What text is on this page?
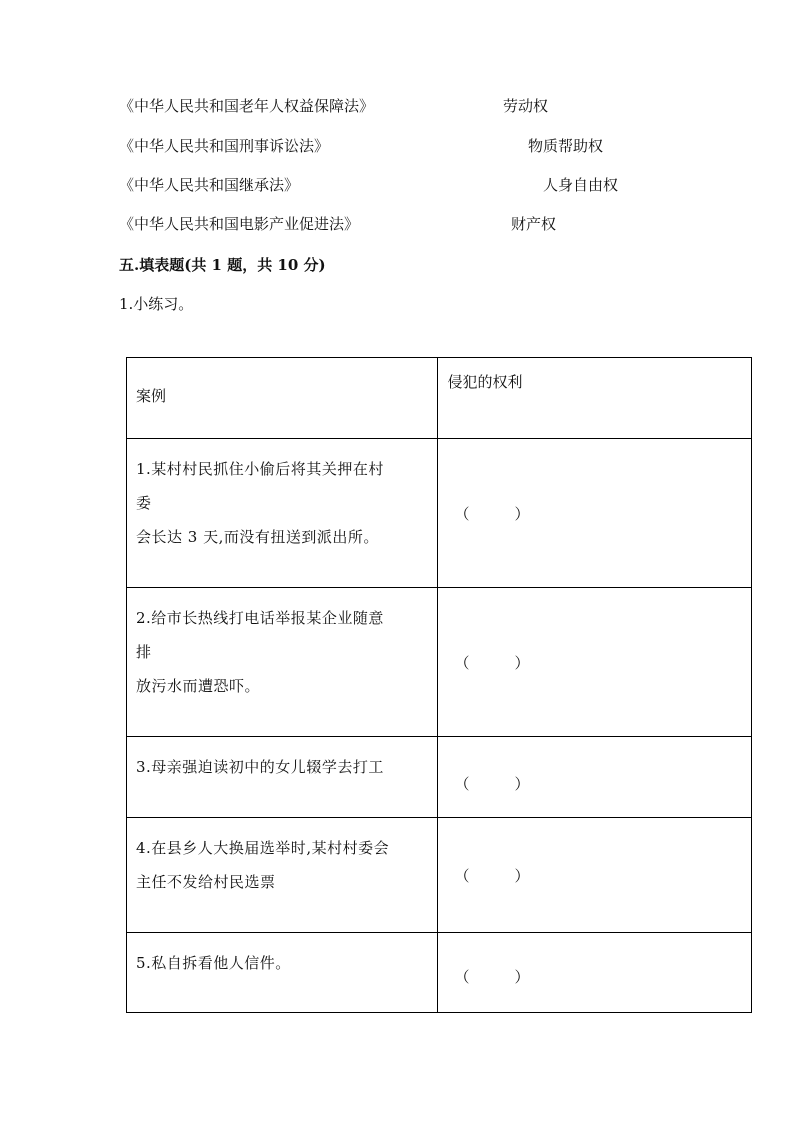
《中华人民共和国老年人权益保障法》	劳动权
《中华人民共和国刑事诉讼法》	物质帮助权
《中华人民共和国继承法》	人身自由权
《中华人民共和国电影产业促进法》	财产权
五.填表题(共 1 题，共 10 分)
1.小练习。
案例	侵犯的权利

1.某村村民抓住小偷后将其关押在村
委
会长达 3 天,而没有扭送到派出所。	（　　　）

2.给市长热线打电话举报某企业随意
排
放污水而遭恐吓。	（　　　）

3.母亲强迫读初中的女儿辍学去打工	（　　　）

4.在县乡人大换届选举时,某村村委会
主任不发给村民选票	（　　　）

5.私自拆看他人信件。	（　　　）
